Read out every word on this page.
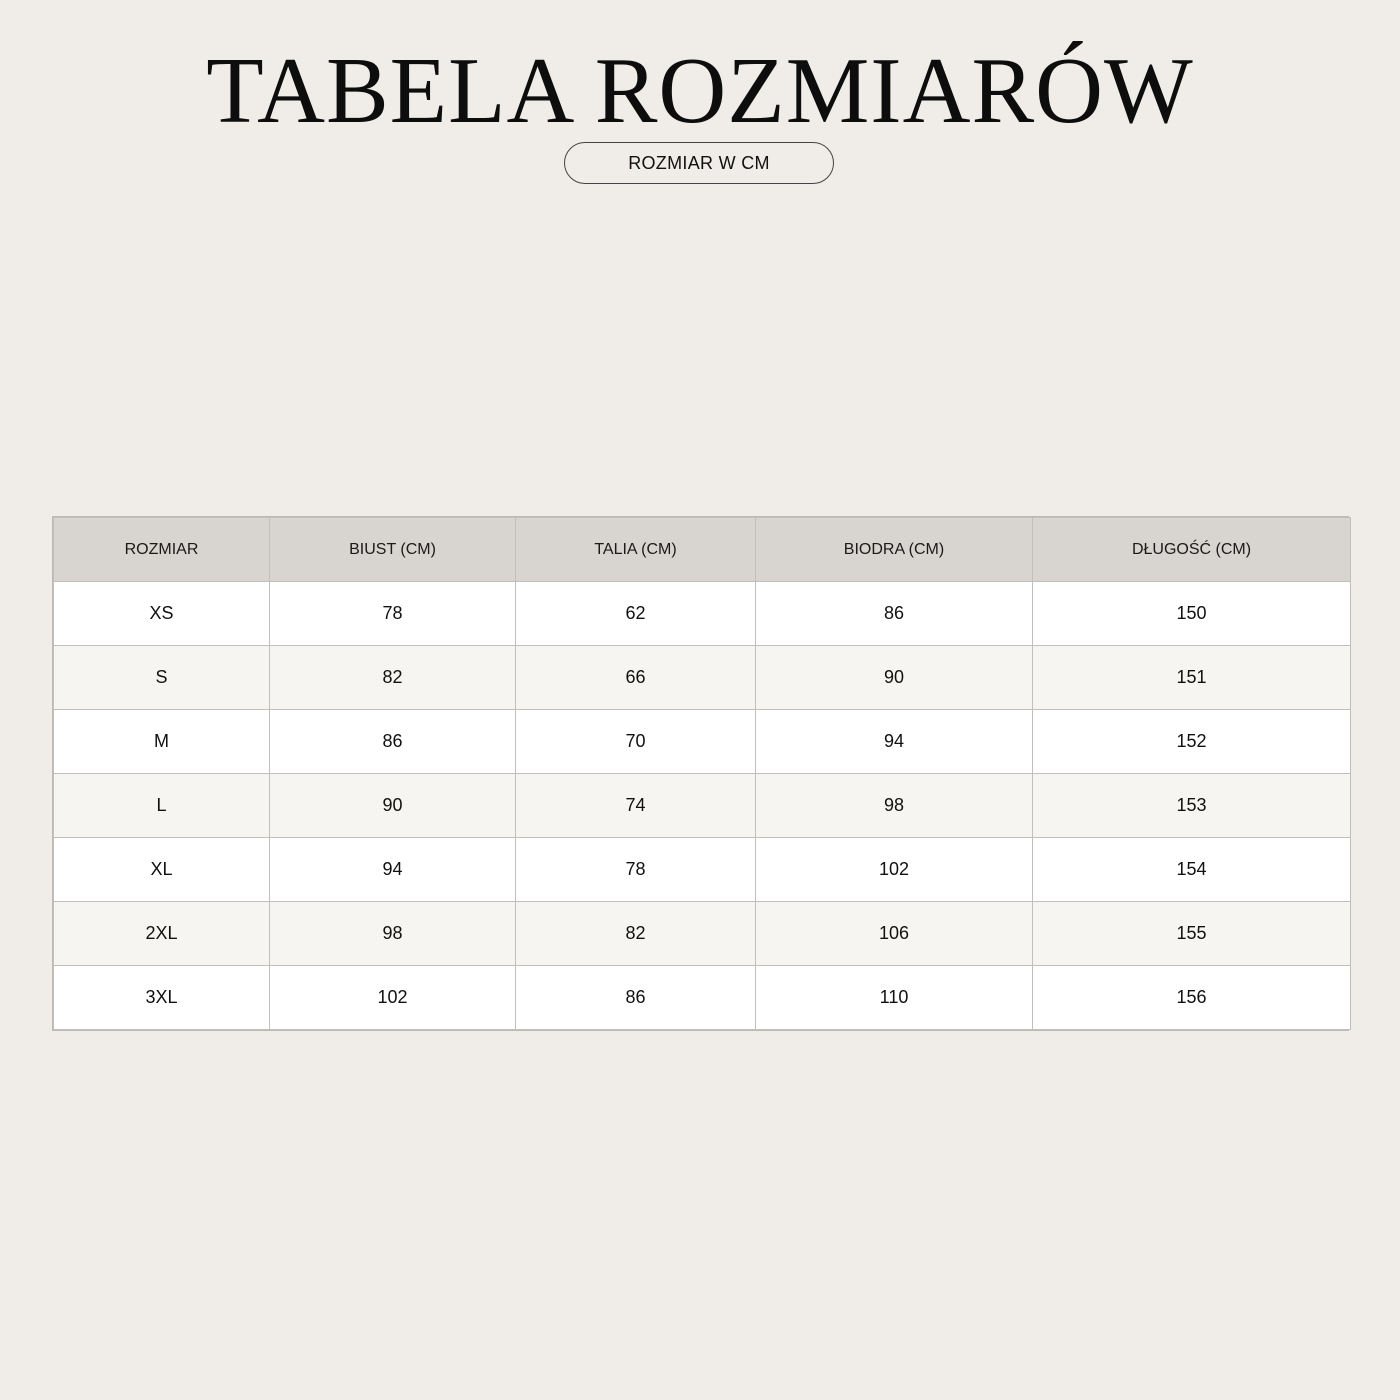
TABELA ROZMIARÓW
ROZMIAR W CM
ROZMIAR	BIUST (CM)	TALIA (CM)	BIODRA (CM)	DŁUGOŚĆ (CM)
XS	78	62	86	150
S	82	66	90	151
M	86	70	94	152
L	90	74	98	153
XL	94	78	102	154
2XL	98	82	106	155
3XL	102	86	110	156
